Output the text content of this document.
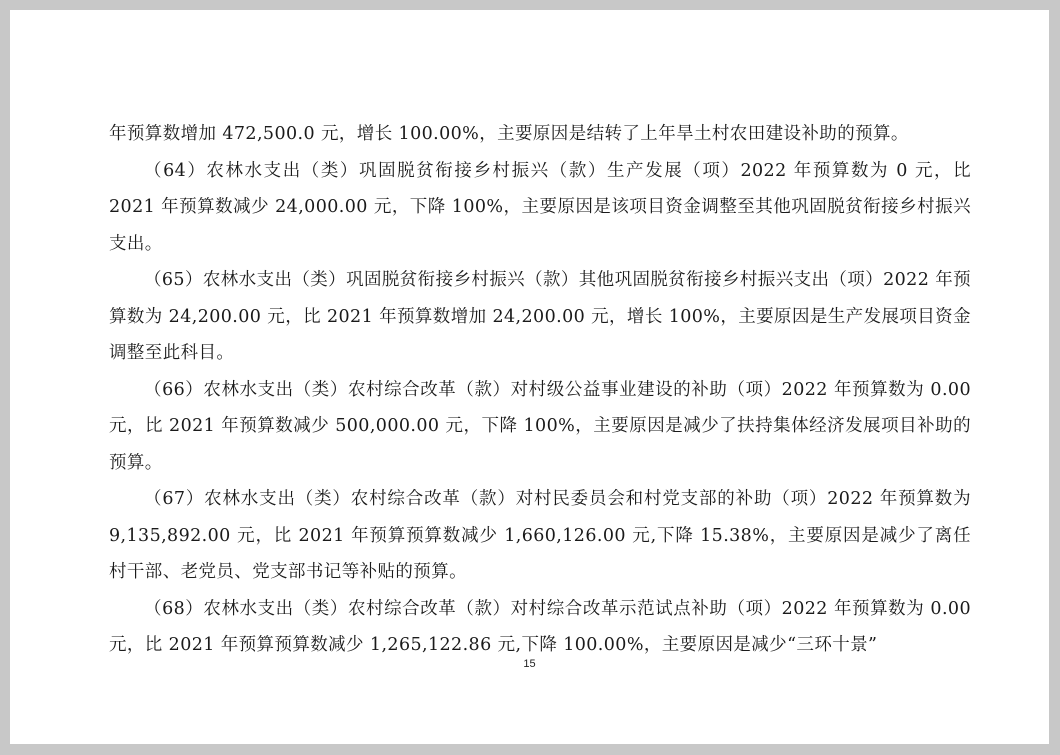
年预算数增加 472,500.0 元，增长 100.00%，主要原因是结转了上年旱土村农田建设补助的预算。

（64）农林水支出（类）巩固脱贫衔接乡村振兴（款）生产发展（项）2022 年预算数为 0 元，比 2021 年预算数减少 24,000.00 元，下降 100%，主要原因是该项目资金调整至其他巩固脱贫衔接乡村振兴支出。

（65）农林水支出（类）巩固脱贫衔接乡村振兴（款）其他巩固脱贫衔接乡村振兴支出（项）2022 年预算数为 24,200.00 元，比 2021 年预算数增加 24,200.00 元，增长 100%，主要原因是生产发展项目资金调整至此科目。

（66）农林水支出（类）农村综合改革（款）对村级公益事业建设的补助（项）2022 年预算数为 0.00 元，比 2021 年预算数减少 500,000.00 元，下降 100%，主要原因是减少了扶持集体经济发展项目补助的预算。

（67）农林水支出（类）农村综合改革（款）对村民委员会和村党支部的补助（项）2022 年预算数为 9,135,892.00 元，比 2021 年预算预算数减少 1,660,126.00 元,下降 15.38%，主要原因是减少了离任村干部、老党员、党支部书记等补贴的预算。

（68）农林水支出（类）农村综合改革（款）对村综合改革示范试点补助（项）2022 年预算数为 0.00 元，比 2021 年预算预算数减少 1,265,122.86 元,下降 100.00%，主要原因是减少“三环十景”

15
